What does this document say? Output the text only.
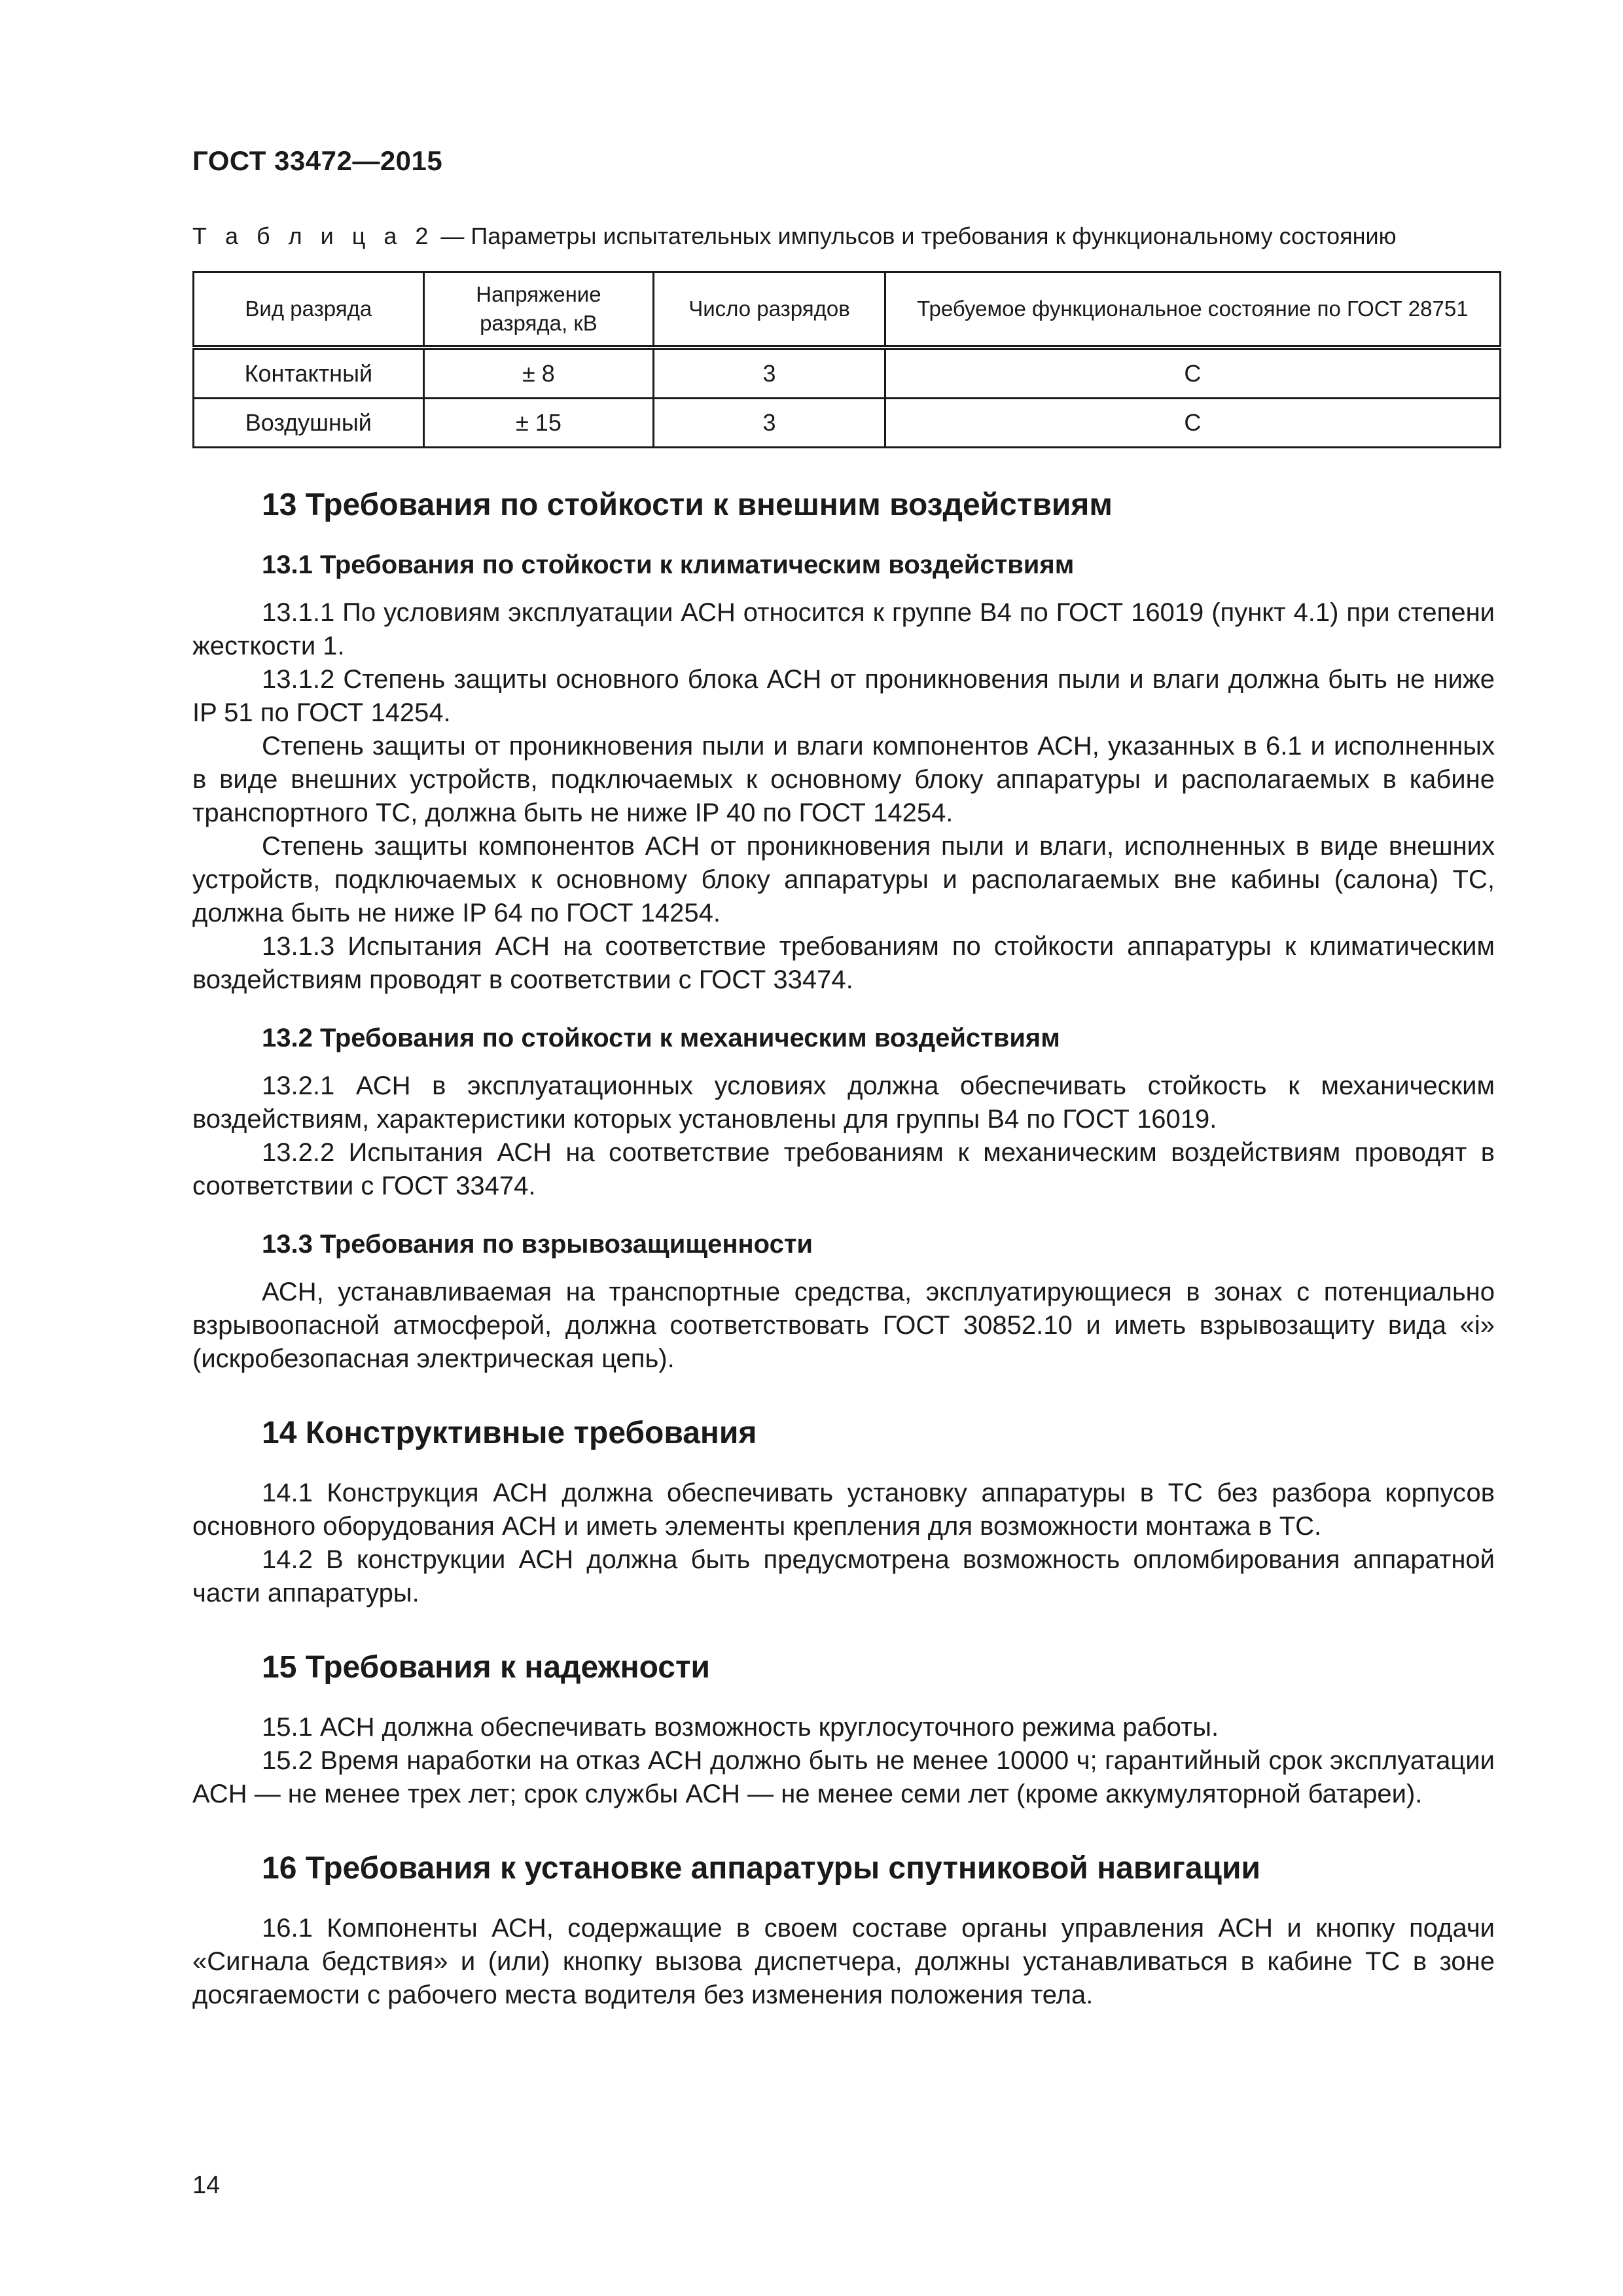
ГОСТ 33472—2015
Т а б л и ц а 2 — Параметры испытательных импульсов и требования к функциональному состоянию
Вид разряда	Напряжение разряда, кВ	Число разрядов	Требуемое функциональное состояние по ГОСТ 28751
Контактный	± 8	3	С
Воздушный	± 15	3	С
13 Требования по стойкости к внешним воздействиям
13.1 Требования по стойкости к климатическим воздействиям

13.1.1 По условиям эксплуатации АСН относится к группе В4 по ГОСТ 16019 (пункт 4.1) при степени жесткости 1.

13.1.2 Степень защиты основного блока АСН от проникновения пыли и влаги должна быть не ниже IP 51 по ГОСТ 14254.

Степень защиты от проникновения пыли и влаги компонентов АСН, указанных в 6.1 и исполненных в виде внешних устройств, подключаемых к основному блоку аппаратуры и располагаемых в кабине транспортного ТС, должна быть не ниже IP 40 по ГОСТ 14254.

Степень защиты компонентов АСН от проникновения пыли и влаги, исполненных в виде внешних устройств, подключаемых к основному блоку аппаратуры и располагаемых вне кабины (салона) ТС, должна быть не ниже IP 64 по ГОСТ 14254.

13.1.3 Испытания АСН на соответствие требованиям по стойкости аппаратуры к климатическим воздействиям проводят в соответствии с ГОСТ 33474.

13.2 Требования по стойкости к механическим воздействиям

13.2.1 АСН в эксплуатационных условиях должна обеспечивать стойкость к механическим воздействиям, характеристики которых установлены для группы В4 по ГОСТ 16019.

13.2.2 Испытания АСН на соответствие требованиям к механическим воздействиям проводят в соответствии с ГОСТ 33474.

13.3 Требования по взрывозащищенности

АСН, устанавливаемая на транспортные средства, эксплуатирующиеся в зонах с потенциально взрывоопасной атмосферой, должна соответствовать ГОСТ 30852.10 и иметь взрывозащиту вида «i» (искробезопасная электрическая цепь).

14 Конструктивные требования

14.1 Конструкция АСН должна обеспечивать установку аппаратуры в ТС без разбора корпусов основного оборудования АСН и иметь элементы крепления для возможности монтажа в ТС.

14.2 В конструкции АСН должна быть предусмотрена возможность опломбирования аппаратной части аппаратуры.

15 Требования к надежности

15.1 АСН должна обеспечивать возможность круглосуточного режима работы.

15.2 Время наработки на отказ АСН должно быть не менее 10000 ч; гарантийный срок эксплуатации АСН — не менее трех лет; срок службы АСН — не менее семи лет (кроме аккумуляторной батареи).

16 Требования к установке аппаратуры спутниковой навигации

16.1 Компоненты АСН, содержащие в своем составе органы управления АСН и кнопку подачи «Сигнала бедствия» и (или) кнопку вызова диспетчера, должны устанавливаться в кабине ТС в зоне досягаемости с рабочего места водителя без изменения положения тела.

14
